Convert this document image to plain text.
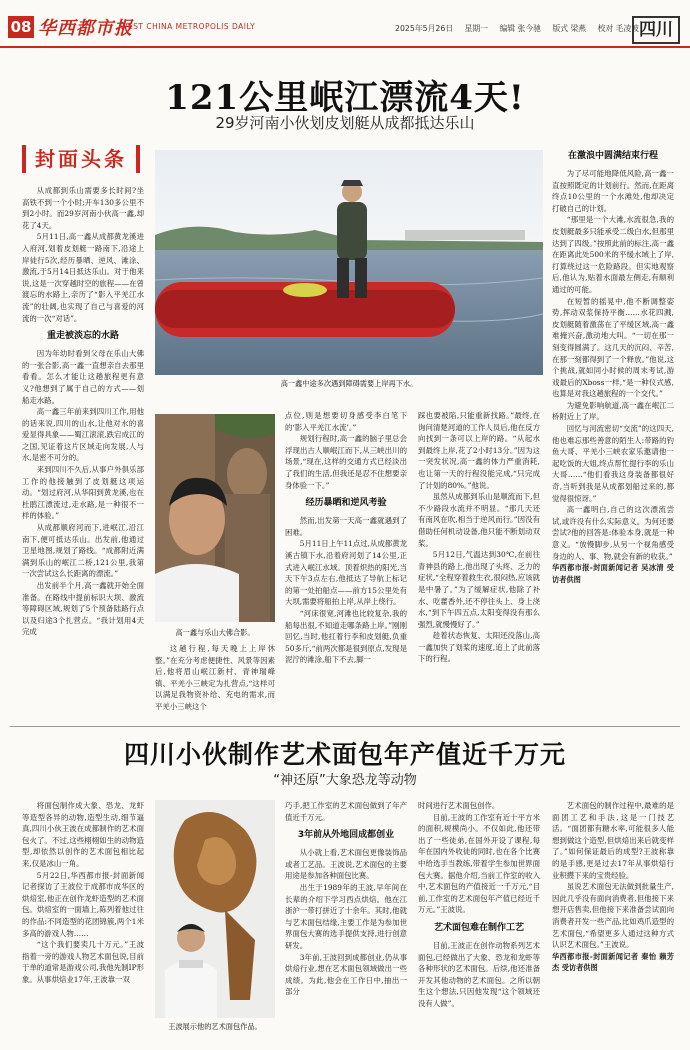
08 华西都市报
WEST CHINA METROPOLIS DAILY	2025年5月26日 星期一 编辑 张今驰 版式 梁燕 校对 毛凌波 四川
121公里岷江漂流4天!
29岁河南小伙划皮划艇从成都抵达乐山
封面头条
高一鑫中途多次遇到障碍需要上岸再下水。
高一鑫与乐山大佛合影。

从成都到乐山需要多长时间?坐高铁不到一个小时;开车130多公里不到2小时。而29岁河南小伙高一鑫,却花了4天。

5月11日,高一鑫从成都黄龙溪进入府河,划着皮划艇一路南下,沿途上岸徒行5次,经历暴晒、逆风、滩涂、激流,于5月14日抵达乐山。对于他来说,这是一次穿越时空的旅程——在曾渡忘的水路上,亲历了“影入平羌江水流”的壮阔,也实现了自己与喜爱的河流的一次“对话”。

重走被淡忘的水路

因为年幼时看到父母在乐山大佛的一张合影,高一鑫一直想亲自去那里看看。怎么才能让这趟旅程更有意义?他想到了属于自己的方式——划船走水路。

高一鑫三年前来到四川工作,用他的话来说,四川的山水,让他对水的喜爱显得具象——蜀江滚滚,跌宕成江的之国,见证着这片区域走向发展,人与水,是密不可分的。

来到四川不久后,从事户外俱乐部工作的他接触到了皮划艇这项运动。“划过府河,从华阳到黄龙溪,也在杜鹃江漂流过,走水路,是一种很不一样的体验。”

从成都顺府河而下,进岷江,沿江南下,便可抵达乐山。出发前,他通过卫星地图,规划了路线。“成都附近满满到乐山的岷江二桥,121公里,我第一次尝试这么长距离的漂流。”

出发前半个月,高一鑫就开始全面准备。在路线中提前标识大坝、激流等障碍区域,规划了5个预备陆路行点以及归途3个扎营点。“我计划用4天完成

这趟行程,每天晚上上岸休整。”在充分考虑便捷性、风景等因素后,他将眉山岷江新村、青神瑞峰镇、平羌小三峡定为扎营点,“这样可以满足我物资补给、充电的需求,而平羌小三峡这个

点位,则是想要切身感受李白笔下的‘影入平羌江水流’。”

规划行程时,高一鑫的脑子里总会浮现出古人顺岷江而下,从三峡出川的场景,“现在,这样的交通方式已经淡出了我们的生活,但我还是忍不住想要亲身体验一下。”

经历暴晒和逆风考验

然而,出发第一天高一鑫就遇到了困难。

5月11日上午11点过,从成都黄龙溪古镇下水,沿着府河划了14公里,正式进入岷江水域。顶着炽热的阳光,当天下午3点左右,他抵达了导航上标记的第一处拍船点——前方15公里处有大坝,需要将船拍上岸,从岸上绕行。

“河床很宽,河滩也比较复杂,我的船每出很,不知道走哪条路上岸。”刚刚回忆,当时,他扛着行李和皮划艇,负重50多斤,“前两次都是很到原点,发现是泥泞的滩涂,船下不去,脚一

踩也要被陷,只能重新找路。”最终,在询问清楚河道的工作人员后,他在反方向找到一条可以上岸的路。“从起水到最终上岸,花了2小时13分。”因为这一突发状况,高一鑫的体力严重消耗,也让第一天的行程没能完成,“只完成了计划的80%。”他说。

虽然从成都到乐山是顺流而下,但不少路段水流并不明显。“那几天还有南风在吹,相当于逆风而行。”因没有借助任何机动设备,他只能不断划动双桨。

5月12日,气温达到30℃,在前往青神县的路上,他出现了头疼、乏力的症状,“全程穿着救生衣,很闷热,应该就是中暑了。”为了缓解症状,他除了补水、吃藿香外,还不停往头上、身上浇水,“到下午四五点,太阳变得没有那么强烈,就慢慢好了。”

趁着状态恢复、太阳还没落山,高一鑫加快了划桨的速度,追上了此前落下的行程。

在激浪中圆满结束行程

为了尽可能地降低风险,高一鑫一直按照既定的计划前行。然而,在距离终点10公里的一个水滩处,他却决定打破自己的计划。

“那里是一个大滩,水流很急,我的皮划艇最多只能承受二级白水,但那里达到了四级。”按照此前的标注,高一鑫在距离此处500米的平缓水域上了岸,打算绕过这一危险路段。但实地观察后,他认为,贴着水面最左侧走,有顺利通过的可能。

在短暂的摇晃中,他不断调整姿势,挥动双浆保持平衡……水花四溅,皮划艇随着激荡在了平缓区域,高一鑫难掩兴奋,激动地大叫。“一切在那一刻变得圆满了。这几天的沉闷、辛苦,在那一刻都得到了一个释放。”他说,这个挑战,就如同小时候的周末考试,游戏最后的Xboss一样,“是一种仪式感,也算是对我这趟旅程的一个交代。”

为避免影响航道,高一鑫在岷江二桥附近上了岸。

回忆与河流密切“交流”的这四天,他也难忘那些善意的陌生人:带路的钓鱼大哥、平羌小三峡农家乐邀请他一起吃饭的大姐,终点帮忙提行李的乐山大哥……“他们看我这身装备都很好奇,当听到我是从成都划船过来的,都觉得很惊讶。”

高一鑫明白,自己的这次漂流尝试,或许没有什么实际意义。为何还要尝试?他的回答是:体验本身,就是一种意义。“放慢脚步,从另一个视角感受身边的人、事、物,就会有新的收获。”

华西都市报-封面新闻记者 吴冰清 受访者供图
四川小伙制作艺术面包年产值近千万元
“神还原”大象恐龙等动物
王波展示他的艺术面包作品。

将面包制作成大象、恐龙、龙虾等造型各异的动物,造型生动,细节逼真,四川小伙王波在成都制作的艺术面包火了。不过,这些栩栩如生的动物造型,却依然以创作的艺术面包相比起来,仅是冰山一角。

5月22日,华西都市报-封面新闻记者探访了王波位于成都市成华区的烘焙室,他正在创作龙虾造型的艺术面包。烘焙室的一面墙上,陈列着他过往的作品:不同造型的花团锦簇,两个1米多高的游戏人物……

“这个我们要卖几十万元。”王波指着一旁的游戏人物艺术面包说,目前于单的道常是游戏公司,我他先制IP形象。从事烘焙业17年,王波靠一双

巧手,把工作室的艺术面包做到了年产值近千万元。

3年前从外地回成都创业

从小就上看,艺术面包更像装饰品或者工艺品。王波说,艺术面包的主要用途是参加各种面包比赛。

出生于1989年的王波,早年间在长辈的介绍下学习西点烘焙。他在江浙沪一带打拼近了十余年。其时,他就与艺术面包结缘,主要工作是为参加世界面包大赛的选手提供支持,进行创意研发。

3年前,王波回到成都创业,仍从事烘焙行业,想在艺术面包领域做出一些成绩。为此,他会在工作日中,抽出一部分

时间进行艺术面包创作。

目前,王波的工作室有近十平方米的面积,规模尚小。不仅如此,他还带出了一些徒弟,在国外开设了课程,每年在国内外收徒的同时,也在各个比赛中给选手当教练,带着学生参加世界面包大赛。据他介绍,当前工作室的收入中,艺术面包的产值接近一千万元,“目前,工作室的艺术面包年产值已经近千万元。”王波说。

艺术面包难在制作工艺

目前,王波正在创作动物系列艺术面包,已经做出了大象、恐龙和龙虾等各种形状的艺术面包。后续,他还准备开发其他动物的艺术面包。之所以朝生这个想法,只因他发现“这个领域还没有人做”。

艺术面包的制作过程中,最难的是面团工艺和手法,这是一门技艺活。“面团都有糖水率,可能很多人能想到做这个造型,但烘焙出来后就变样了。”如何保证最后的成型?王波称靠的是手感,更是过去17年从事烘焙行业积攒下来的宝贵经验。

虽说艺术面包无法做到批量生产,因此几乎没有面向消费者,但他接下来想开店售卖,但他接下来准备尝试面向消费者开发一些产品,比如鸡爪造型的艺术面包,“希望更多人通过这种方式认识艺术面包。”王波说。

华西都市报-封面新闻记者 秦怡 赖芳杰 受访者供图
